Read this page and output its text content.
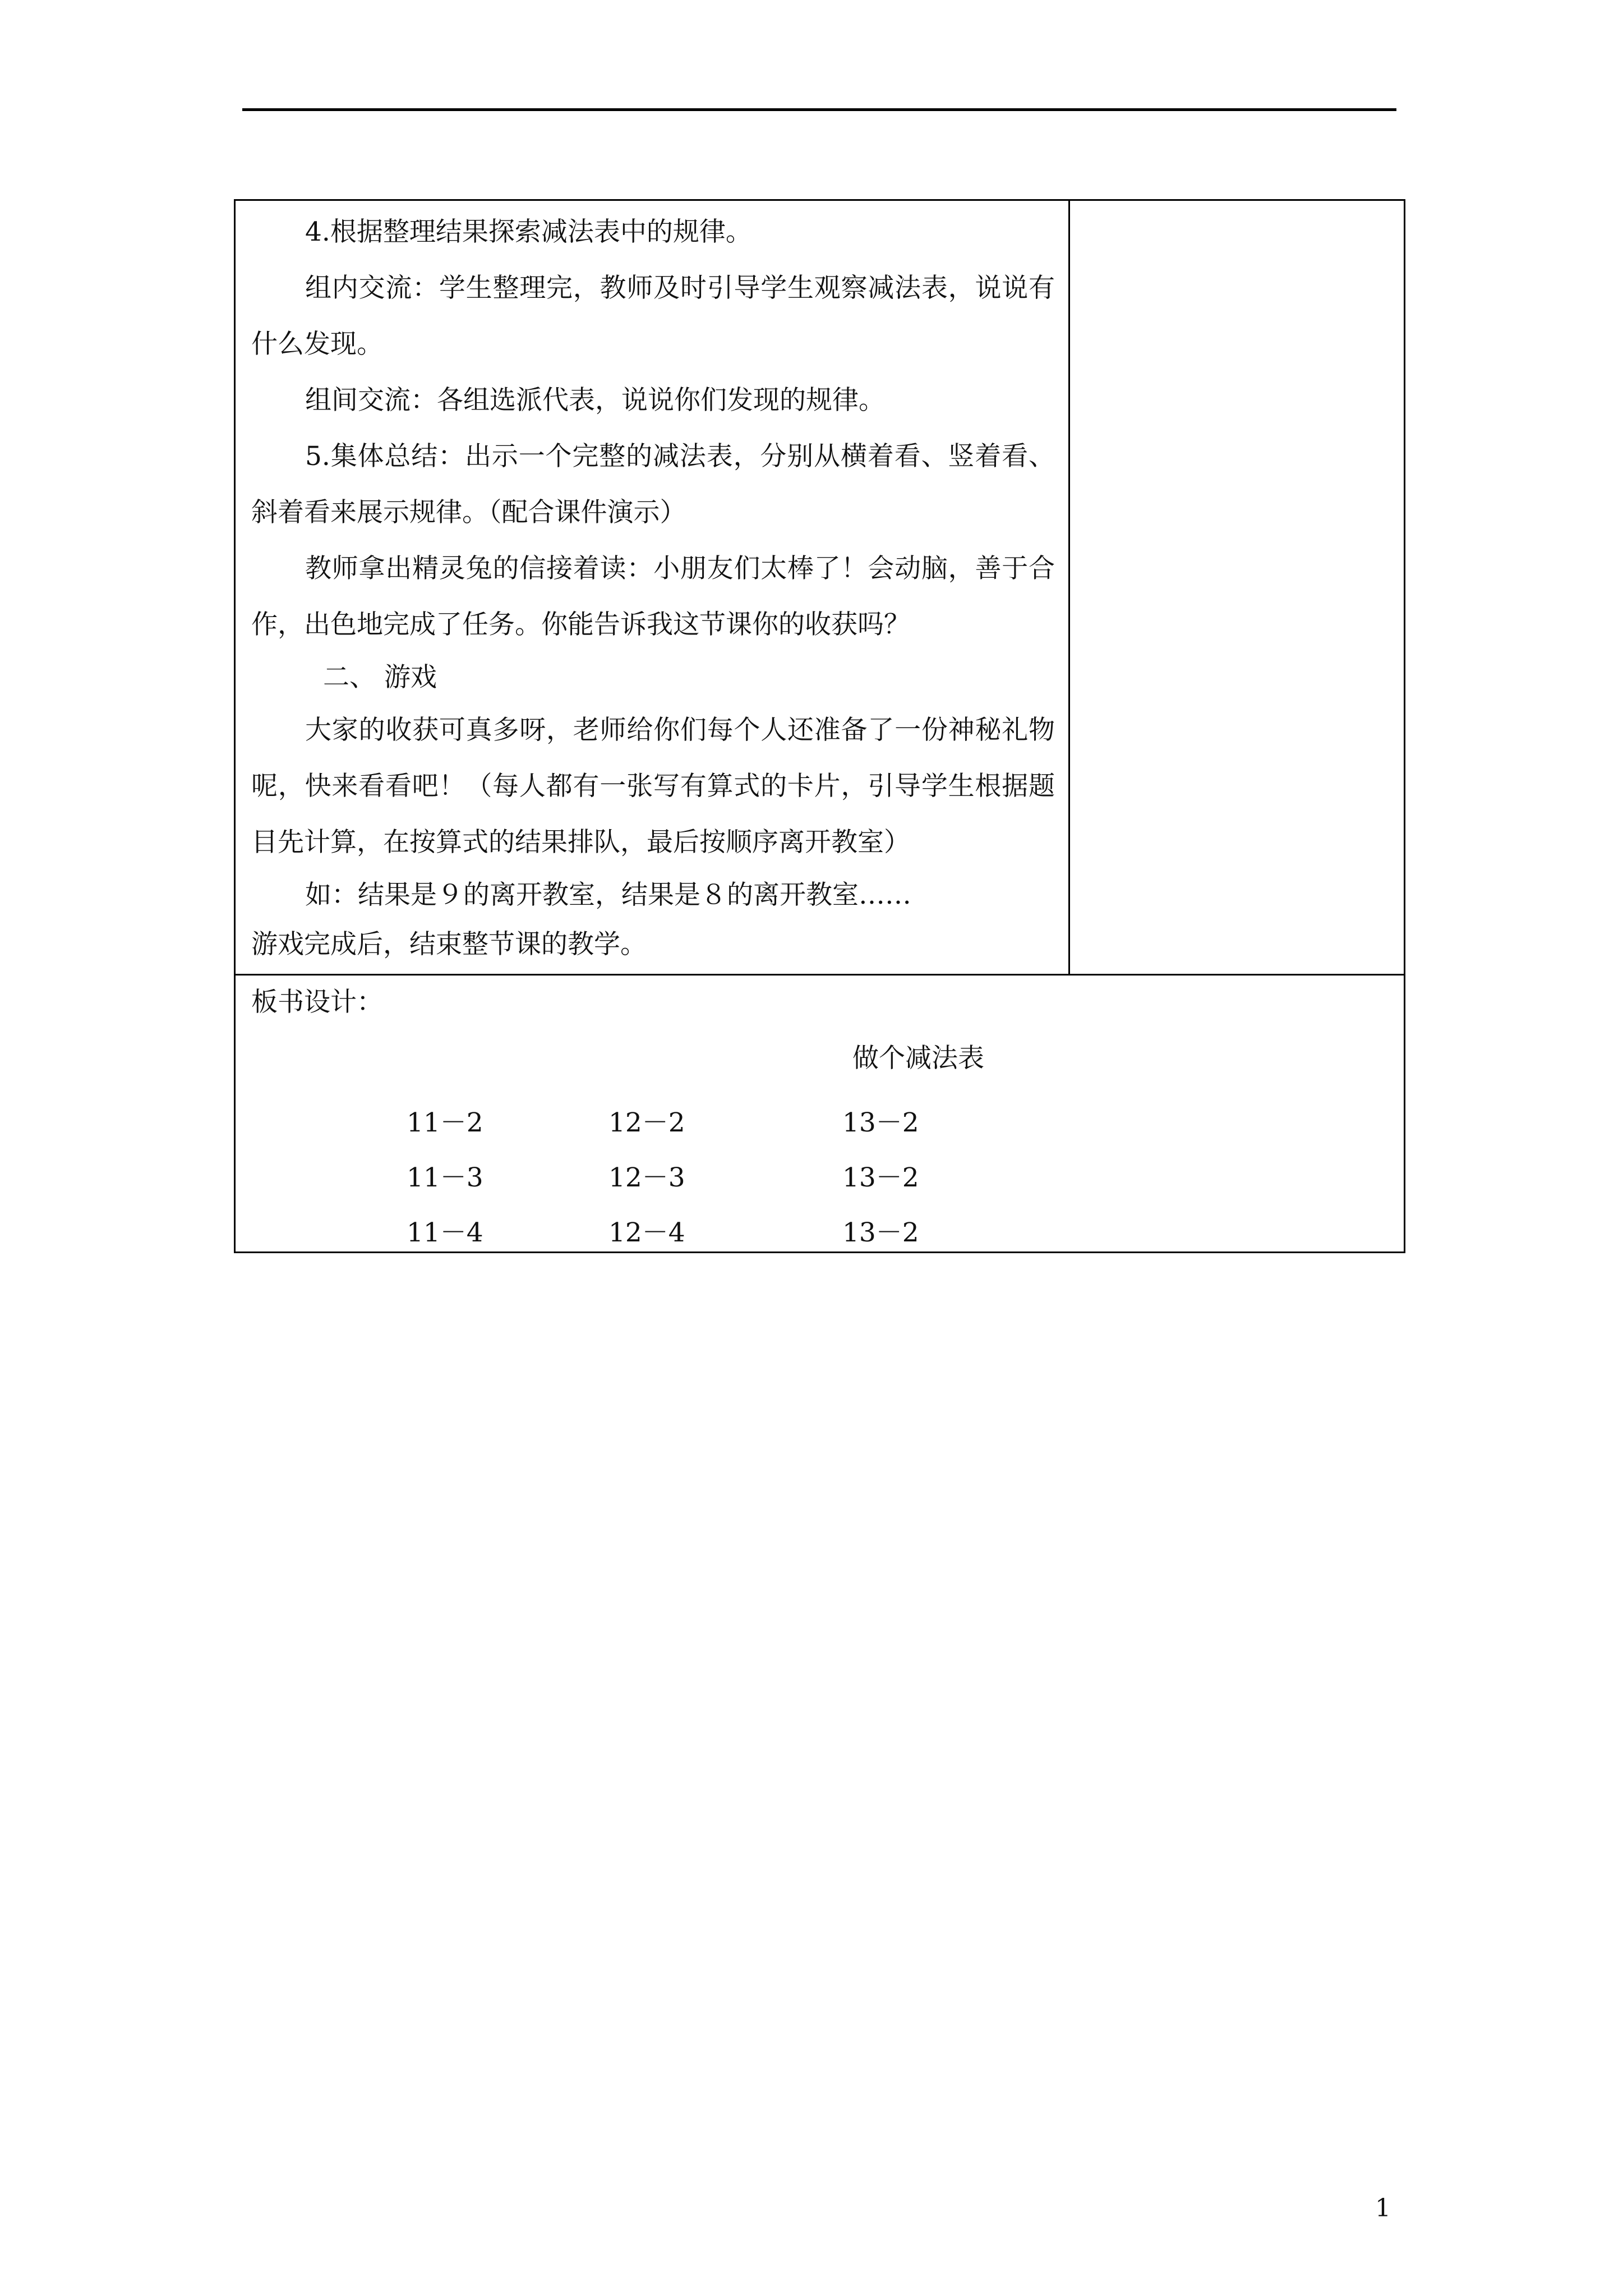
4.根据整理结果探索减法表中的规律。

组内交流：学生整理完，教师及时引导学生观察减法表，说说有什么发现。

组间交流：各组选派代表，说说你们发现的规律。

5.集体总结：出示一个完整的减法表，分别从横着看、竖着看、斜着看来展示规律。（配合课件演示）

教师拿出精灵兔的信接着读：小朋友们太棒了！会动脑，善于合作，出色地完成了任务。你能告诉我这节课你的收获吗？

二、 游戏

大家的收获可真多呀，老师给你们每个人还准备了一份神秘礼物呢，快来看看吧！（每人都有一张写有算式的卡片，引导学生根据题目先计算，在按算式的结果排队，最后按顺序离开教室）

如：结果是９的离开教室，结果是８的离开教室……

游戏完成后，结束整节课的教学。

板书设计：
做个减法表
11－2	12－2	13－2
11－3	12－3	13－2
11－4	12－4	13－2
1
